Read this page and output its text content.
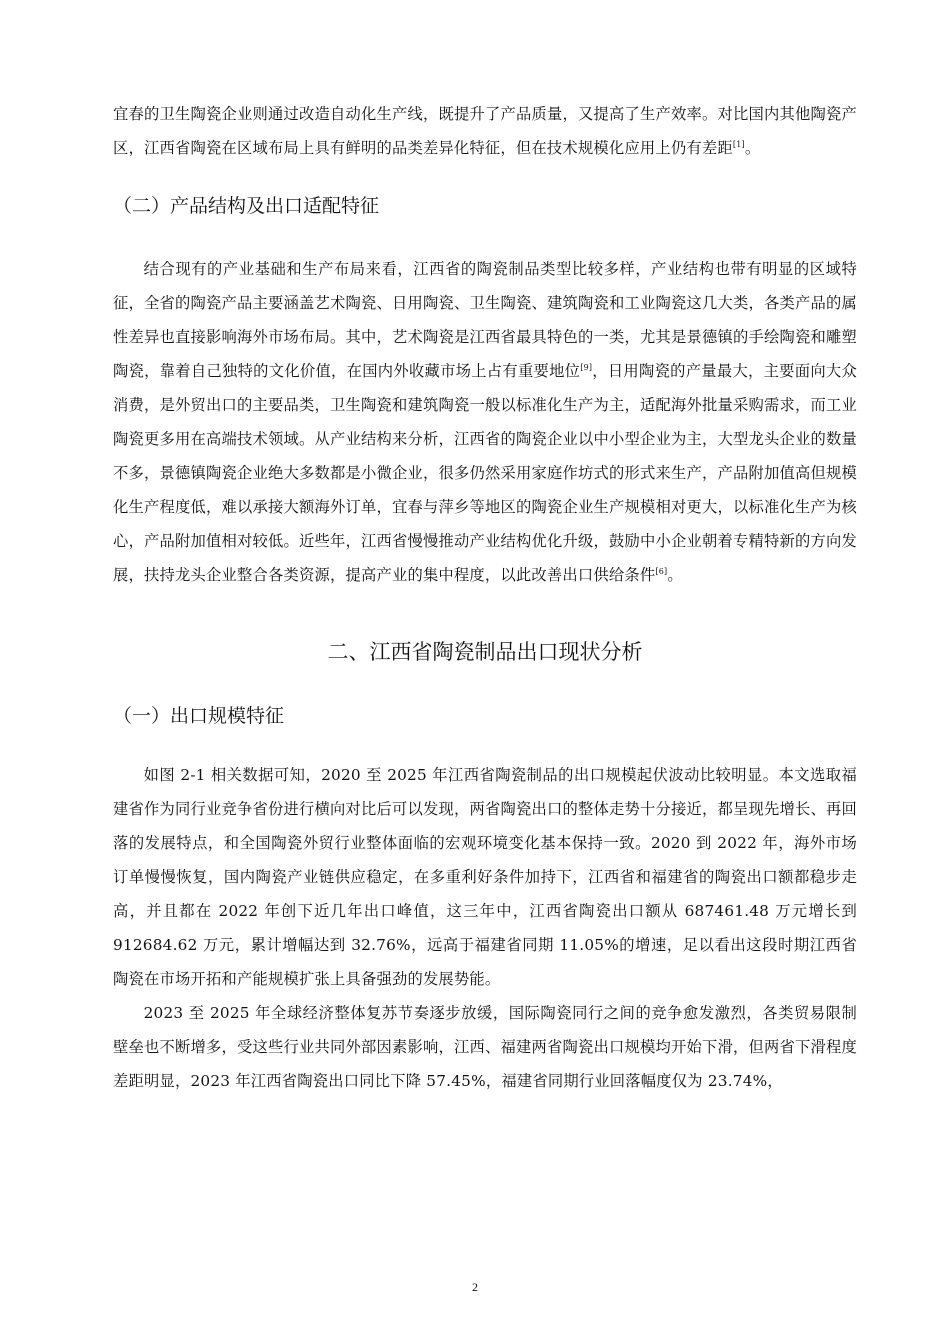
宜春的卫生陶瓷企业则通过改造自动化生产线，既提升了产品质量，又提高了生产效率。对比国内其他陶瓷产区，江西省陶瓷在区域布局上具有鲜明的品类差异化特征，但在技术规模化应用上仍有差距[1]。

（二）产品结构及出口适配特征

结合现有的产业基础和生产布局来看，江西省的陶瓷制品类型比较多样，产业结构也带有明显的区域特征，全省的陶瓷产品主要涵盖艺术陶瓷、日用陶瓷、卫生陶瓷、建筑陶瓷和工业陶瓷这几大类，各类产品的属性差异也直接影响海外市场布局。其中，艺术陶瓷是江西省最具特色的一类，尤其是景德镇的手绘陶瓷和雕塑陶瓷，靠着自己独特的文化价值，在国内外收藏市场上占有重要地位[9]，日用陶瓷的产量最大，主要面向大众消费，是外贸出口的主要品类，卫生陶瓷和建筑陶瓷一般以标准化生产为主，适配海外批量采购需求，而工业陶瓷更多用在高端技术领域。从产业结构来分析，江西省的陶瓷企业以中小型企业为主，大型龙头企业的数量不多，景德镇陶瓷企业绝大多数都是小微企业，很多仍然采用家庭作坊式的形式来生产，产品附加值高但规模化生产程度低，难以承接大额海外订单，宜春与萍乡等地区的陶瓷企业生产规模相对更大，以标准化生产为核心，产品附加值相对较低。近些年，江西省慢慢推动产业结构优化升级，鼓励中小企业朝着专精特新的方向发展，扶持龙头企业整合各类资源，提高产业的集中程度，以此改善出口供给条件[6]。

二、江西省陶瓷制品出口现状分析
（一）出口规模特征

如图 2-1 相关数据可知，2020 至 2025 年江西省陶瓷制品的出口规模起伏波动比较明显。本文选取福建省作为同行业竞争省份进行横向对比后可以发现，两省陶瓷出口的整体走势十分接近，都呈现先增长、再回落的发展特点，和全国陶瓷外贸行业整体面临的宏观环境变化基本保持一致。2020 到 2022 年，海外市场订单慢慢恢复，国内陶瓷产业链供应稳定，在多重利好条件加持下，江西省和福建省的陶瓷出口额都稳步走高，并且都在 2022 年创下近几年出口峰值，这三年中，江西省陶瓷出口额从 687461.48 万元增长到 912684.62 万元，累计增幅达到 32.76%，远高于福建省同期 11.05%的增速，足以看出这段时期江西省陶瓷在市场开拓和产能规模扩张上具备强劲的发展势能。

2023 至 2025 年全球经济整体复苏节奏逐步放缓，国际陶瓷同行之间的竞争愈发激烈，各类贸易限制壁垒也不断增多，受这些行业共同外部因素影响，江西、福建两省陶瓷出口规模均开始下滑，但两省下滑程度差距明显，2023 年江西省陶瓷出口同比下降 57.45%，福建省同期行业回落幅度仅为 23.74%，

2
